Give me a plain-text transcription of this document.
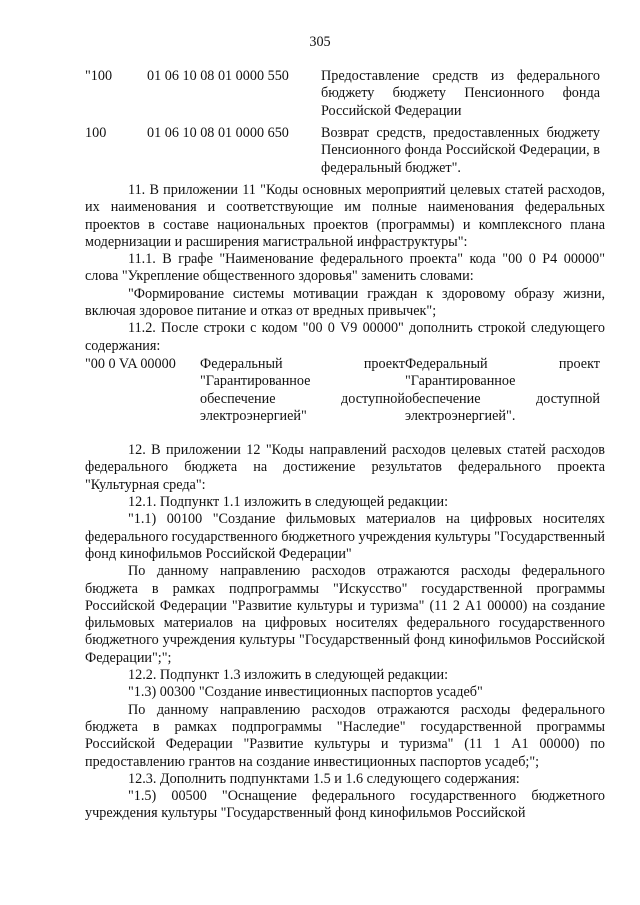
305
"100 01 06 10 08 01 0000 550 Предоставление средств из федерального бюджету бюджету Пенсионного фонда Российской Федерации
100	01 06 10 08 01 0000 650 Возврат средств, предоставленных бюджету Пенсионного фонда Российской Федерации, в федеральный бюджет".

11. В приложении 11 "Коды основных мероприятий целевых статей расходов, их наименования и соответствующие им полные наименования федеральных проектов в составе национальных проектов (программы) и комплексного плана модернизации и расширения магистральной инфраструктуры":

11.1. В графе "Наименование федерального проекта" кода "00 0 P4 00000" слова "Укрепление общественного здоровья" заменить словами:

"Формирование системы мотивации граждан к здоровому образу жизни, включая здоровое питание и отказ от вредных привычек";

11.2. После строки с кодом "00 0 V9 00000" дополнить строкой следующего содержания:

"00 0 VA 00000	Федеральный проект
"Гарантированное
обеспечение доступной
электроэнергией"
Федеральный проект
"Гарантированное
обеспечение доступной
электроэнергией".

12. В приложении 12 "Коды направлений расходов целевых статей расходов федерального бюджета на достижение результатов федерального проекта "Культурная среда":

12.1. Подпункт 1.1 изложить в следующей редакции:

"1.1) 00100 "Создание фильмовых материалов на цифровых носителях федерального государственного бюджетного учреждения культуры "Государственный фонд кинофильмов Российской Федерации"

По данному направлению расходов отражаются расходы федерального бюджета в рамках подпрограммы "Искусство" государственной программы Российской Федерации "Развитие культуры и туризма" (11 2 A1 00000) на создание фильмовых материалов на цифровых носителях федерального государственного бюджетного учреждения культуры "Государственный фонд кинофильмов Российской Федерации";";

12.2. Подпункт 1.3 изложить в следующей редакции:

"1.3) 00300 "Создание инвестиционных паспортов усадеб"

По данному направлению расходов отражаются расходы федерального бюджета в рамках подпрограммы "Наследие" государственной программы Российской Федерации "Развитие культуры и туризма" (11 1 A1 00000) по предоставлению грантов на создание инвестиционных паспортов усадеб;";

12.3. Дополнить подпунктами 1.5 и 1.6 следующего содержания:

"1.5) 00500 "Оснащение федерального государственного бюджетного учреждения культуры "Государственный фонд кинофильмов Российской
